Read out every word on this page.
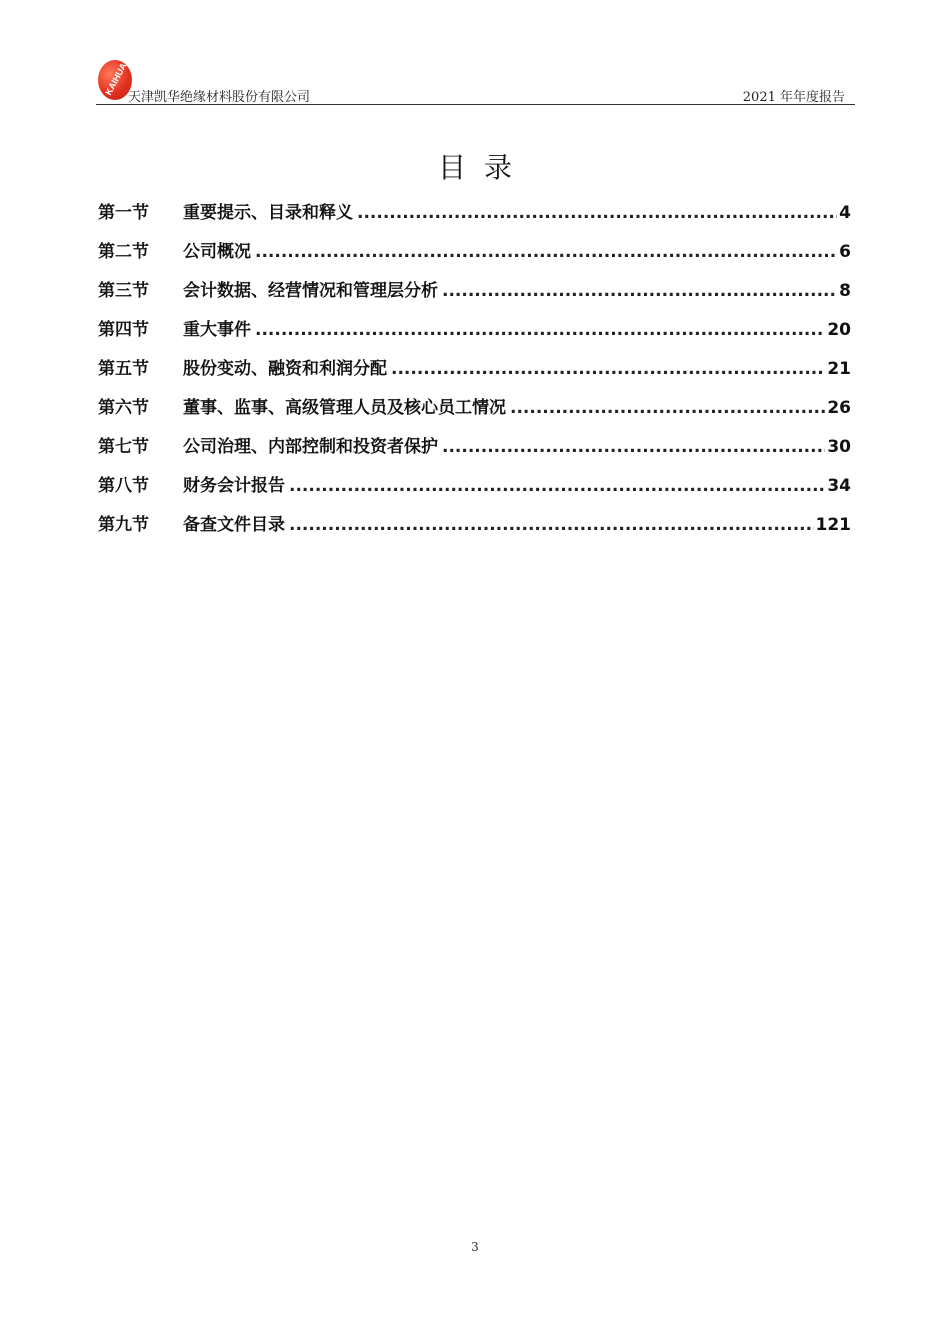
KAIHUA
天津凯华绝缘材料股份有限公司	2021 年年度报告
目录
第一节	重要提示、目录和释义 .....	4
第二节	公司概况 .....	6
第三节	会计数据、经营情况和管理层分析 .....	8
第四节	重大事件 .....	20
第五节	股份变动、融资和利润分配 .....	21
第六节	董事、监事、高级管理人员及核心员工情况 .....	26
第七节	公司治理、内部控制和投资者保护 .....	30
第八节	财务会计报告 .....	34
第九节	备查文件目录 .....	121
3
